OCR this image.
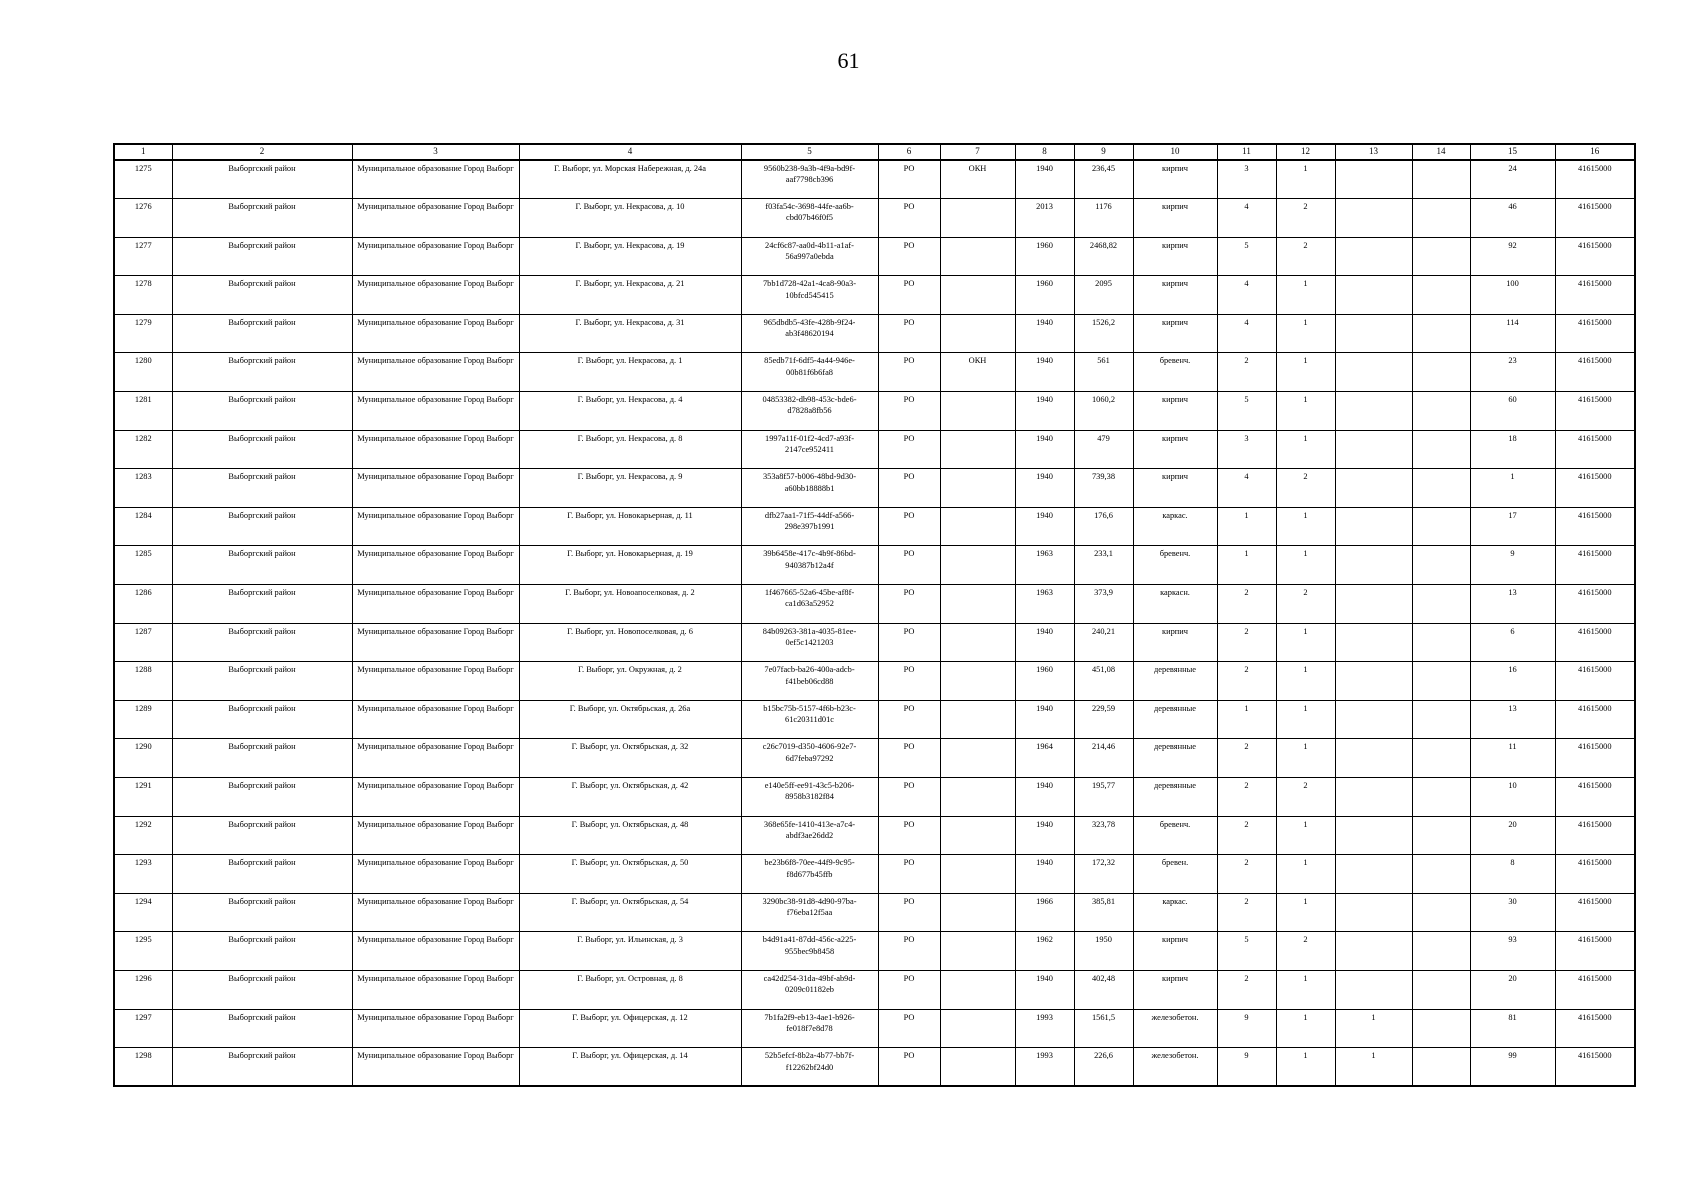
61
1	2	3	4	5	6	7	8	9	10	11	12	13	14	15	16
1275	Выборгский район	Муниципальное образование Город Выборг	Г. Выборг, ул. Морская Набережная, д. 24а	9560b238-9a3b-4f9a-bd9f-aaf7798cb396	РО	ОКН	1940	236,45	кирпич	3	1			24	41615000
1276	Выборгский район	Муниципальное образование Город Выборг	Г. Выборг, ул. Некрасова, д. 10	f03fa54c-3698-44fe-aa6b-cbd07b46f0f5	РО		2013	1176	кирпич	4	2			46	41615000
1277	Выборгский район	Муниципальное образование Город Выборг	Г. Выборг, ул. Некрасова, д. 19	24cf6c87-aa0d-4b11-a1af-56a997a0ebda	РО		1960	2468,82	кирпич	5	2			92	41615000
1278	Выборгский район	Муниципальное образование Город Выборг	Г. Выборг, ул. Некрасова, д. 21	7bb1d728-42a1-4ca8-90a3-10bfcd545415	РО		1960	2095	кирпич	4	1			100	41615000
1279	Выборгский район	Муниципальное образование Город Выборг	Г. Выборг, ул. Некрасова, д. 31	965dbdb5-43fe-428b-9f24-ab3f48620194	РО		1940	1526,2	кирпич	4	1			114	41615000
1280	Выборгский район	Муниципальное образование Город Выборг	Г. Выборг, ул. Некрасова, д. 1	85edb71f-6df5-4a44-946e-00b81f6b6fa8	РО	ОКН	1940	561	бревенч.	2	1			23	41615000
1281	Выборгский район	Муниципальное образование Город Выборг	Г. Выборг, ул. Некрасова, д. 4	04853382-db98-453c-bde6-d7828a8fb56	РО		1940	1060,2	кирпич	5	1			60	41615000
1282	Выборгский район	Муниципальное образование Город Выборг	Г. Выборг, ул. Некрасова, д. 8	1997a11f-01f2-4cd7-a93f-2147ce952411	РО		1940	479	кирпич	3	1			18	41615000
1283	Выборгский район	Муниципальное образование Город Выборг	Г. Выборг, ул. Некрасова, д. 9	353a8f57-b006-48bd-9d30-a60bb18888b1	РО		1940	739,38	кирпич	4	2			1	41615000
1284	Выборгский район	Муниципальное образование Город Выборг	Г. Выборг, ул. Новокарьерная, д. 11	dfb27aa1-71f5-44df-a566-298e397b1991	РО		1940	176,6	каркас.	1	1			17	41615000
1285	Выборгский район	Муниципальное образование Город Выборг	Г. Выборг, ул. Новокарьерная, д. 19	39b6458e-417c-4b9f-86bd-940387b12a4f	РО		1963	233,1	бревенч.	1	1			9	41615000
1286	Выборгский район	Муниципальное образование Город Выборг	Г. Выборг, ул. Новоапоселковая, д. 2	1f467665-52a6-45be-af8f-ca1d63a52952	РО		1963	373,9	каркасн.	2	2			13	41615000
1287	Выборгский район	Муниципальное образование Город Выборг	Г. Выборг, ул. Новопоселковая, д. 6	84b09263-381a-4035-81ee-0ef5c1421203	РО		1940	240,21	кирпич	2	1			6	41615000
1288	Выборгский район	Муниципальное образование Город Выборг	Г. Выборг, ул. Окружная, д. 2	7e07facb-ba26-400a-adcb-f41beb06cd88	РО		1960	451,08	деревянные	2	1			16	41615000
1289	Выборгский район	Муниципальное образование Город Выборг	Г. Выборг, ул. Октябрьская, д. 26а	b15bc75b-5157-4f6b-b23c-61c20311d01c	РО		1940	229,59	деревянные	1	1			13	41615000
1290	Выборгский район	Муниципальное образование Город Выборг	Г. Выборг, ул. Октябрьская, д. 32	c26c7019-d350-4606-92e7-6d7feba97292	РО		1964	214,46	деревянные	2	1			11	41615000
1291	Выборгский район	Муниципальное образование Город Выборг	Г. Выборг, ул. Октябрьская, д. 42	e140e5ff-ee91-43c5-b206-8958b3182f84	РО		1940	195,77	деревянные	2	2			10	41615000
1292	Выборгский район	Муниципальное образование Город Выборг	Г. Выборг, ул. Октябрьская, д. 48	368e65fe-1410-413e-a7c4-abdf3ae26dd2	РО		1940	323,78	бревенч.	2	1			20	41615000
1293	Выборгский район	Муниципальное образование Город Выборг	Г. Выборг, ул. Октябрьская, д. 50	be23b6f8-70ee-44f9-9c95-f8d677b45ffb	РО		1940	172,32	бревен.	2	1			8	41615000
1294	Выборгский район	Муниципальное образование Город Выборг	Г. Выборг, ул. Октябрьская, д. 54	3290bc38-91d8-4d90-97ba-f76eba12f5aa	РО		1966	385,81	каркас.	2	1			30	41615000
1295	Выборгский район	Муниципальное образование Город Выборг	Г. Выборг, ул. Ильинская, д. 3	b4d91a41-87dd-456c-a225-955bec9b8458	РО		1962	1950	кирпич	5	2			93	41615000
1296	Выборгский район	Муниципальное образование Город Выборг	Г. Выборг, ул. Островная, д. 8	ca42d254-31da-49bf-ab9d-0209c01182eb	РО		1940	402,48	кирпич	2	1			20	41615000
1297	Выборгский район	Муниципальное образование Город Выборг	Г. Выборг, ул. Офицерская, д. 12	7b1fa2f9-eb13-4ae1-b926-fe018f7e8d78	РО		1993	1561,5	железобетон.	9	1	1		81	41615000
1298	Выборгский район	Муниципальное образование Город Выборг	Г. Выборг, ул. Офицерская, д. 14	52b5efcf-8b2a-4b77-bb7f-f12262bf24d0	РО		1993	226,6	железобетон.	9	1	1		99	41615000
